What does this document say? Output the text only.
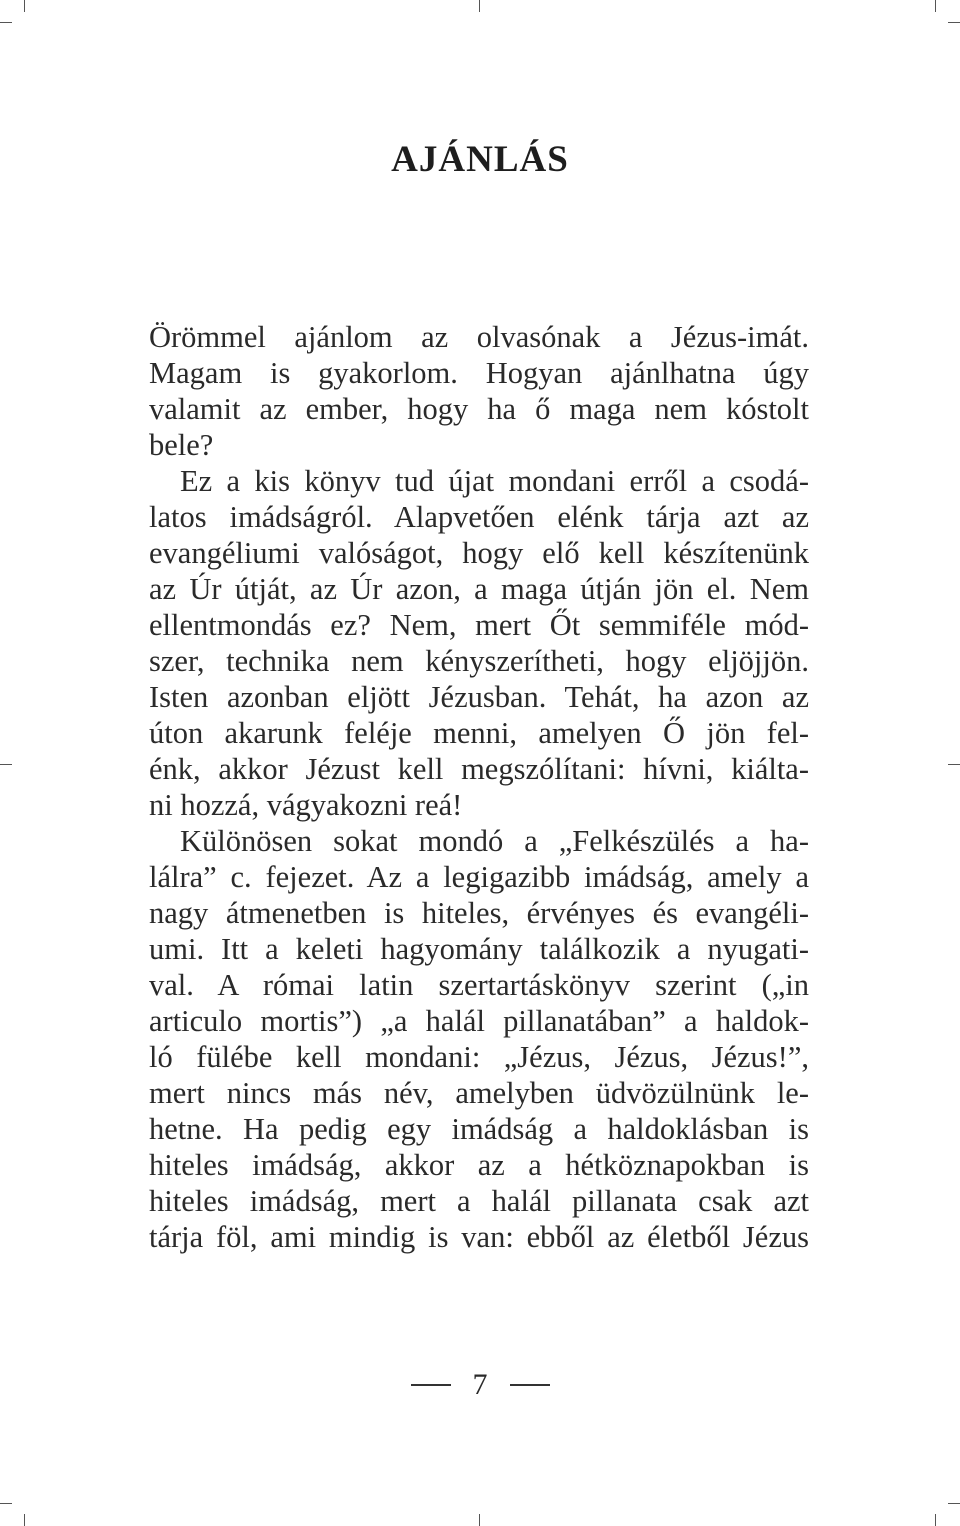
AJÁNLÁS
Örömmel ajánlom az olvasónak a Jézus-imát.
Magam is gyakorlom. Hogyan ajánlhatna úgy
valamit az ember, hogy ha ő maga nem kóstolt
bele?
Ez a kis könyv tud újat mondani erről a csodá-
latos imádságról. Alapvetően elénk tárja azt az
evangéliumi valóságot, hogy elő kell készítenünk
az Úr útját, az Úr azon, a maga útján jön el. Nem
ellentmondás ez? Nem, mert Őt semmiféle mód-
szer, technika nem kényszerítheti, hogy eljöjjön.
Isten azonban eljött Jézusban. Tehát, ha azon az
úton akarunk feléje menni, amelyen Ő jön fel-
énk, akkor Jézust kell megszólítani: hívni, kiálta-
ni hozzá, vágyakozni reá!
Különösen sokat mondó a „Felkészülés a ha-
lálra” c. fejezet. Az a legigazibb imádság, amely a
nagy átmenetben is hiteles, érvényes és evangéli-
umi. Itt a keleti hagyomány találkozik a nyugati-
val. A római latin szertartáskönyv szerint („in
articulo mortis”) „a halál pillanatában” a haldok-
ló fülébe kell mondani: „Jézus, Jézus, Jézus!”,
mert nincs más név, amelyben üdvözülnünk le-
hetne. Ha pedig egy imádság a haldoklásban is
hiteles imádság, akkor az a hétköznapokban is
hiteles imádság, mert a halál pillanata csak azt
tárja föl, ami mindig is van: ebből az életből Jézus
7
